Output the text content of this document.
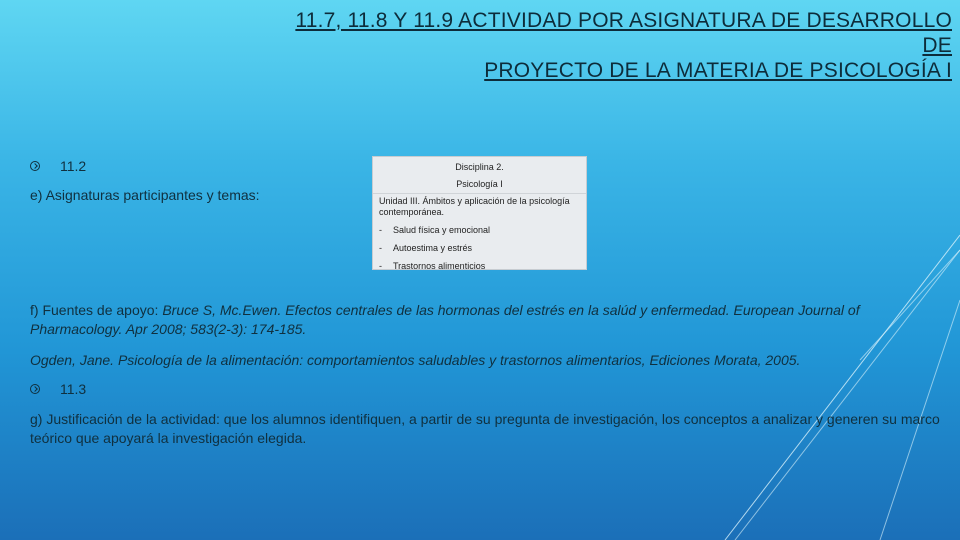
11.7, 11.8 Y 11.9 ACTIVIDAD POR ASIGNATURA DE DESARROLLO
DE
PROYECTO DE LA MATERIA DE PSICOLOGÍA I
11.2
e) Asignaturas participantes y temas:
Disciplina 2.
Psicología I
Unidad III. Ámbitos y aplicación de la psicología contemporánea.
-	Salud física y emocional
-	Autoestima y estrés
-	Trastornos alimenticios
f) Fuentes de apoyo: Bruce S, Mc.Ewen. Efectos centrales de las hormonas del estrés en la salúd y enfermedad. European Journal of Pharmacology. Apr 2008; 583(2-3): 174-185.
Ogden, Jane. Psicología de la alimentación: comportamientos saludables y trastornos alimentarios, Ediciones Morata, 2005.
11.3
g) Justificación de la actividad: que los alumnos identifiquen, a partir de su pregunta de investigación, los conceptos a analizar y generen su marco teórico que apoyará la investigación elegida.
